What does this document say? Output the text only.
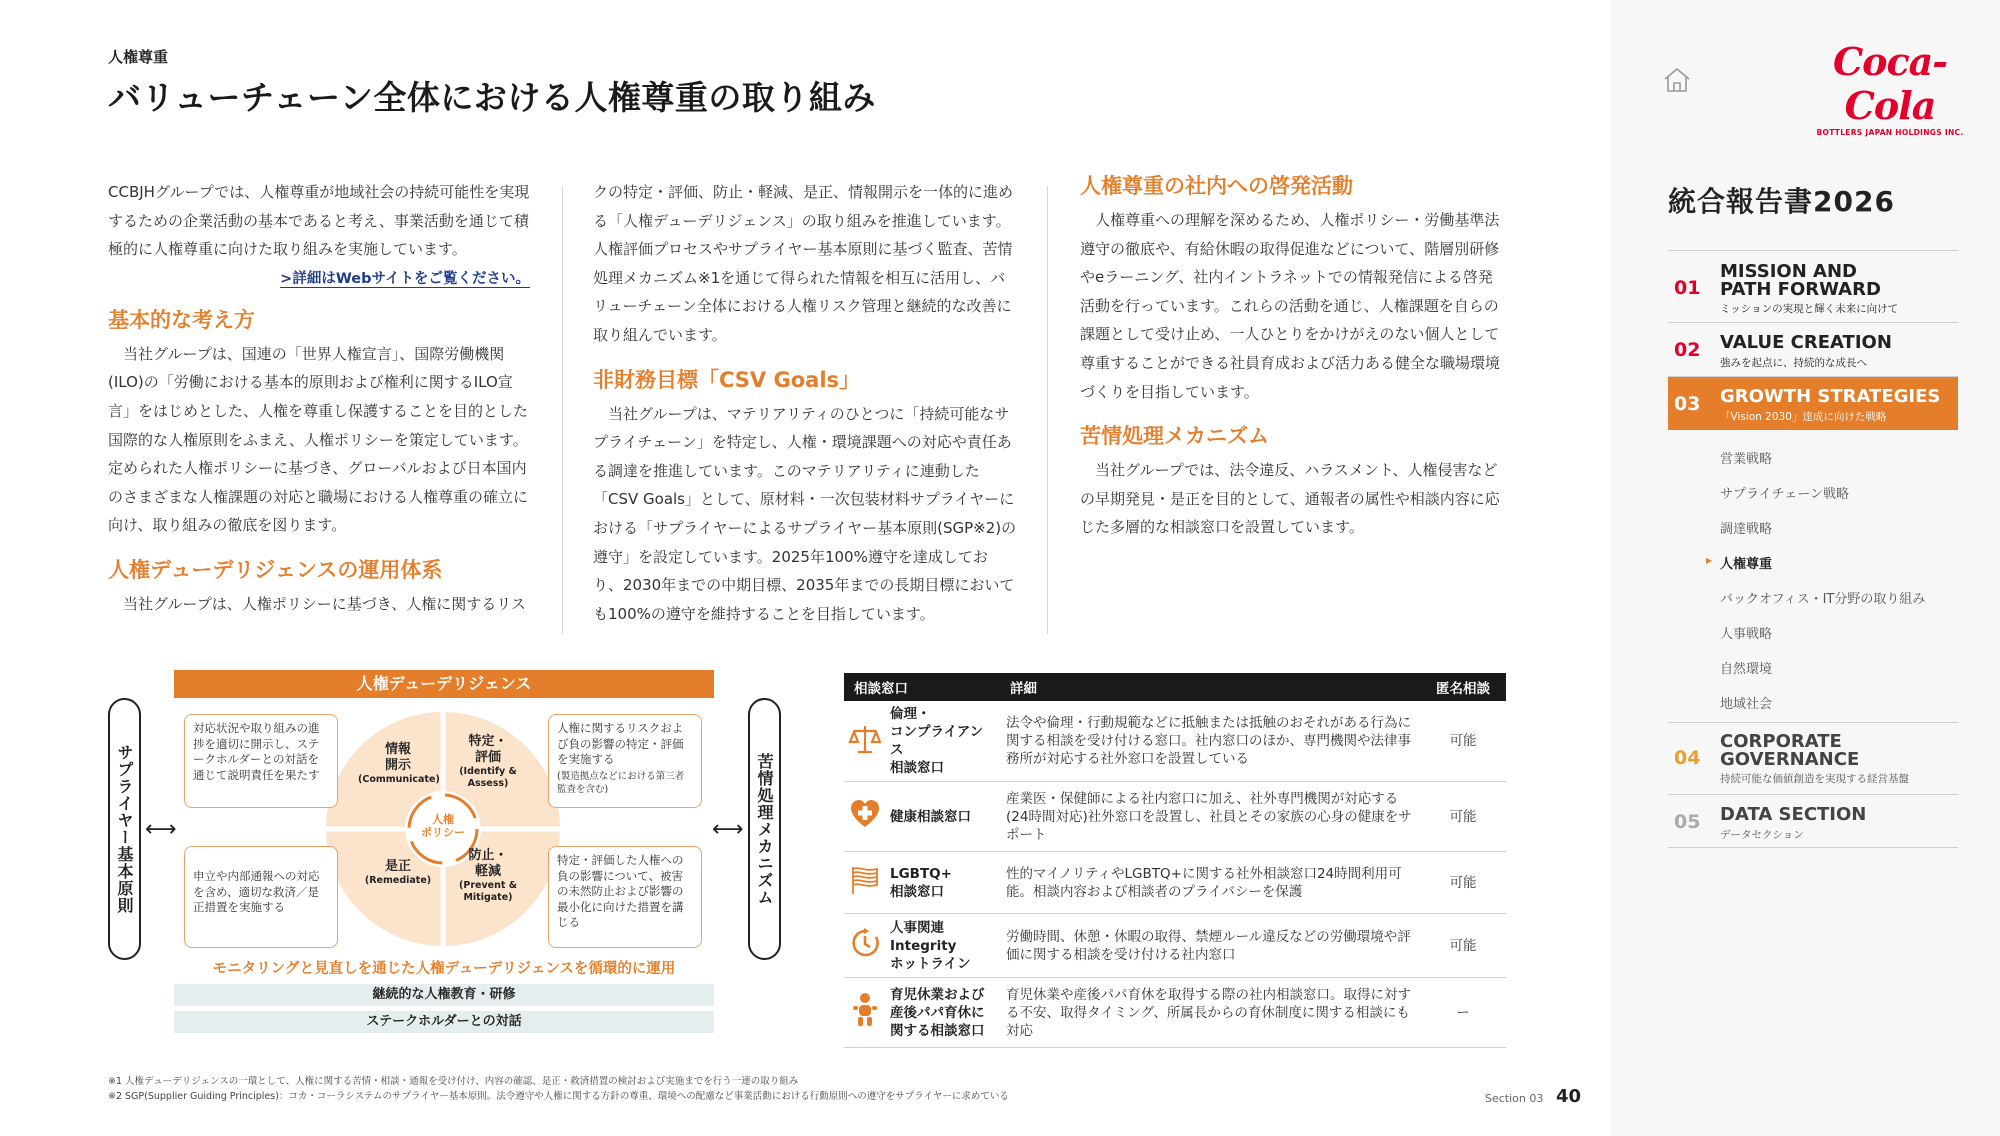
人権尊重
バリューチェーン全体における人権尊重の取り組み

CCBJHグループでは、人権尊重が地域社会の持続可能性を実現するための企業活動の基本であると考え、事業活動を通じて積極的に人権尊重に向けた取り組みを実施しています。

>詳細はWebサイトをご覧ください。
基本的な考え方

当社グループは、国連の「世界人権宣言」、国際労働機関(ILO)の「労働における基本的原則および権利に関するILO宣言」をはじめとした、人権を尊重し保護することを目的とした国際的な人権原則をふまえ、人権ポリシーを策定しています。定められた人権ポリシーに基づき、グローバルおよび日本国内のさまざまな人権課題の対応と職場における人権尊重の確立に向け、取り組みの徹底を図ります。

人権デューデリジェンスの運用体系

当社グループは、人権ポリシーに基づき、人権に関するリス

クの特定・評価、防止・軽減、是正、情報開示を一体的に進める「人権デューデリジェンス」の取り組みを推進しています。人権評価プロセスやサプライヤー基本原則に基づく監査、苦情処理メカニズム※1を通じて得られた情報を相互に活用し、バリューチェーン全体における人権リスク管理と継続的な改善に取り組んでいます。

非財務目標「CSV Goals」

当社グループは、マテリアリティのひとつに「持続可能なサプライチェーン」を特定し、人権・環境課題への対応や責任ある調達を推進しています。このマテリアリティに連動した「CSV Goals」として、原材料・一次包装材料サプライヤーにおける「サプライヤーによるサプライヤー基本原則(SGP※2)の遵守」を設定しています。2025年100%遵守を達成しており、2030年までの中期目標、2035年までの長期目標においても100%の遵守を維持することを目指しています。

人権尊重の社内への啓発活動

人権尊重への理解を深めるため、人権ポリシー・労働基準法遵守の徹底や、有給休暇の取得促進などについて、階層別研修やeラーニング、社内イントラネットでの情報発信による啓発活動を行っています。これらの活動を通じ、人権課題を自らの課題として受け止め、一人ひとりをかけがえのない個人として尊重することができる社員育成および活力ある健全な職場環境づくりを目指しています。

苦情処理メカニズム

当社グループでは、法令違反、ハラスメント、人権侵害などの早期発見・是正を目的として、通報者の属性や相談内容に応じた多層的な相談窓口を設置しています。

人権デューデリジェンス
サプライヤー基本原則	苦情処理メカニズム
⟷	⟷
人権
ポリシー
情報
開示
(Communicate)
特定・
評価
(Identify &
Assess)
是正
(Remediate)
防止・
軽減
(Prevent &
Mitigate)
対応状況や取り組みの進捗を適切に開示し、ステークホルダーとの対話を通じて説明責任を果たす
人権に関するリスクおよび負の影響の特定・評価を実施する
(製造拠点などにおける第三者監査を含む)
申立や内部通報への対応を含め、適切な救済／是正措置を実施する
特定・評価した人権への負の影響について、被害の未然防止および影響の最小化に向けた措置を講じる
モニタリングと見直しを通じた人権デューデリジェンスを循環的に運用
継続的な人権教育・研修
ステークホルダーとの対話
相談窓口		詳細	匿名相談
	倫理・
コンプライアンス
相談窓口	法令や倫理・行動規範などに抵触または抵触のおそれがある行為に関する相談を受け付ける窓口。社内窓口のほか、専門機関や法律事務所が対応する社外窓口を設置している	可能
	健康相談窓口	産業医・保健師による社内窓口に加え、社外専門機関が対応する(24時間対応)社外窓口を設置し、社員とその家族の心身の健康をサポート	可能
	LGBTQ+
相談窓口	性的マイノリティやLGBTQ+に関する社外相談窓口24時間利用可能。相談内容および相談者のプライバシーを保護	可能
	人事関連
Integrity
ホットライン	労働時間、休憩・休暇の取得、禁煙ルール違反などの労働環境や評価に関する相談を受け付ける社内窓口	可能
	育児休業および
産後パパ育休に
関する相談窓口	育児休業や産後パパ育休を取得する際の社内相談窓口。取得に対する不安、取得タイミング、所属長からの育休制度に関する相談にも対応	ー
※1 人権デューデリジェンスの一環として、人権に関する苦情・相談・通報を受け付け、内容の確認、是正・救済措置の検討および実施までを行う一連の取り組み
※2 SGP(Supplier Guiding Principles)：コカ・コーラシステムのサプライヤー基本原則。法令遵守や人権に関する方針の尊重、環境への配慮など事業活動における行動原則への遵守をサプライヤーに求めている	Section 03 40
Coca-Cola
BOTTLERS JAPAN HOLDINGS INC.
統合報告書2026
01
MISSION AND
PATH FORWARD
ミッションの実現と輝く未来に向けて
02 VALUE CREATION
強みを起点に、持続的な成長へ
03 GROWTH STRATEGIES
「Vision 2030」達成に向けた戦略
営業戦略
サプライチェーン戦略
調達戦略
▸ 人権尊重
バックオフィス・IT分野の取り組み
人事戦略
自然環境
地域社会
04
CORPORATE
GOVERNANCE
持続可能な価値創造を実現する経営基盤
05 DATA SECTION
データセクション
